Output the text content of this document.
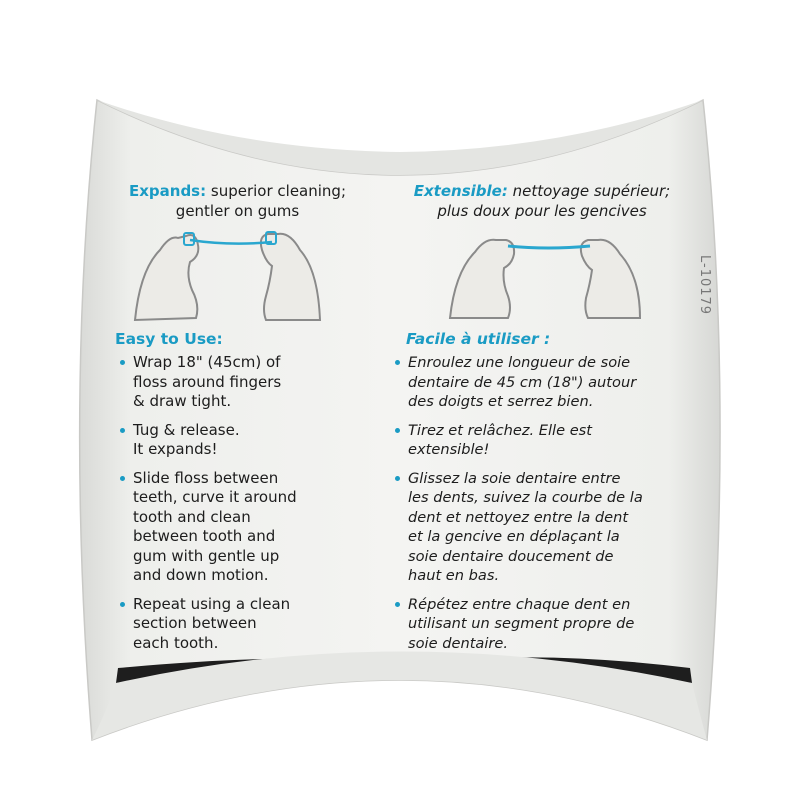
Expands: superior cleaning;
gentler on gums
Easy to Use:
Wrap 18" (45cm) of
floss around fingers
& draw tight.
Tug & release.
It expands!
Slide floss between
teeth, curve it around
tooth and clean
between tooth and
gum with gentle up
and down motion.
Repeat using a clean
section between
each tooth.
Extensible: nettoyage supérieur;
plus doux pour les gencives
Facile à utiliser :
Enroulez une longueur de soie
dentaire de 45 cm (18") autour
des doigts et serrez bien.
Tirez et relâchez. Elle est
extensible!
Glissez la soie dentaire entre
les dents, suivez la courbe de la
dent et nettoyez entre la dent
et la gencive en déplaçant la
soie dentaire doucement de
haut en bas.
Répétez entre chaque dent en
utilisant un segment propre de
soie dentaire.
L-10179
